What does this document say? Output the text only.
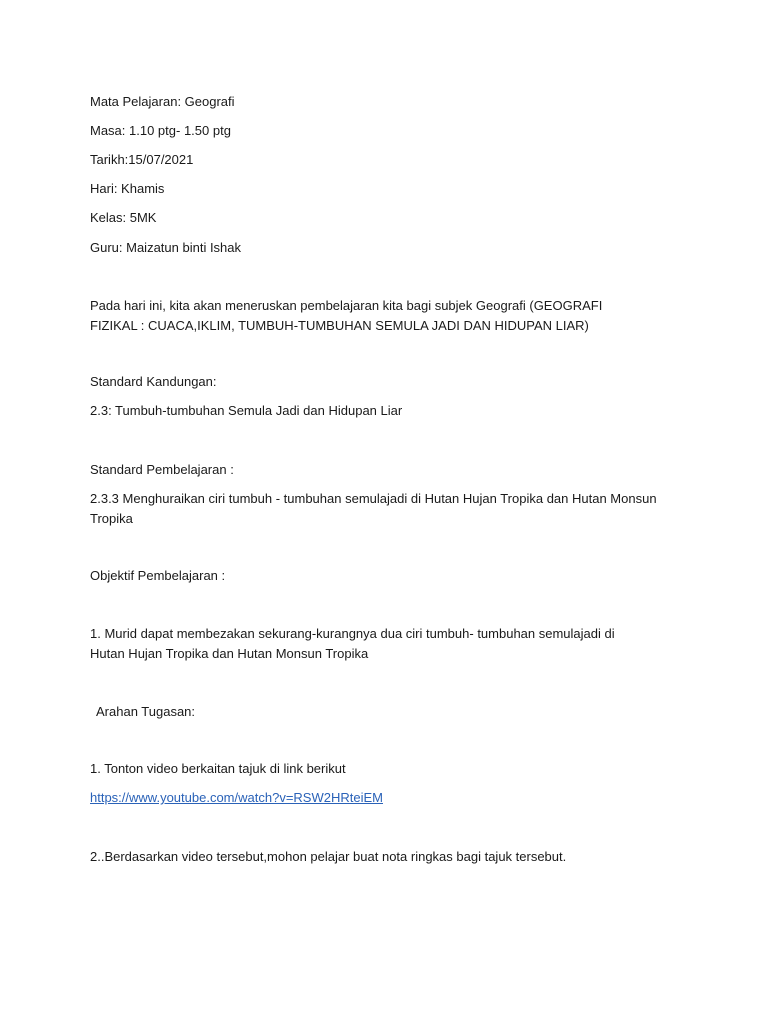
Mata Pelajaran: Geografi
Masa: 1.10 ptg- 1.50 ptg
Tarikh:15/07/2021
Hari: Khamis
Kelas: 5MK
Guru: Maizatun binti Ishak
Pada hari ini, kita akan meneruskan pembelajaran kita bagi subjek Geografi (GEOGRAFI FIZIKAL : CUACA,IKLIM, TUMBUH-TUMBUHAN SEMULA JADI DAN HIDUPAN LIAR)
Standard Kandungan:
2.3: Tumbuh-tumbuhan Semula Jadi dan Hidupan Liar
Standard Pembelajaran :
2.3.3 Menghuraikan ciri tumbuh - tumbuhan semulajadi di Hutan Hujan Tropika dan Hutan Monsun Tropika
Objektif Pembelajaran :
1. Murid dapat membezakan sekurang-kurangnya dua ciri tumbuh- tumbuhan semulajadi di Hutan Hujan Tropika dan Hutan Monsun Tropika
Arahan Tugasan:
1. Tonton video berkaitan tajuk di link berikut
https://www.youtube.com/watch?v=RSW2HRteiEM
2..Berdasarkan video tersebut,mohon pelajar buat nota ringkas bagi tajuk tersebut.
